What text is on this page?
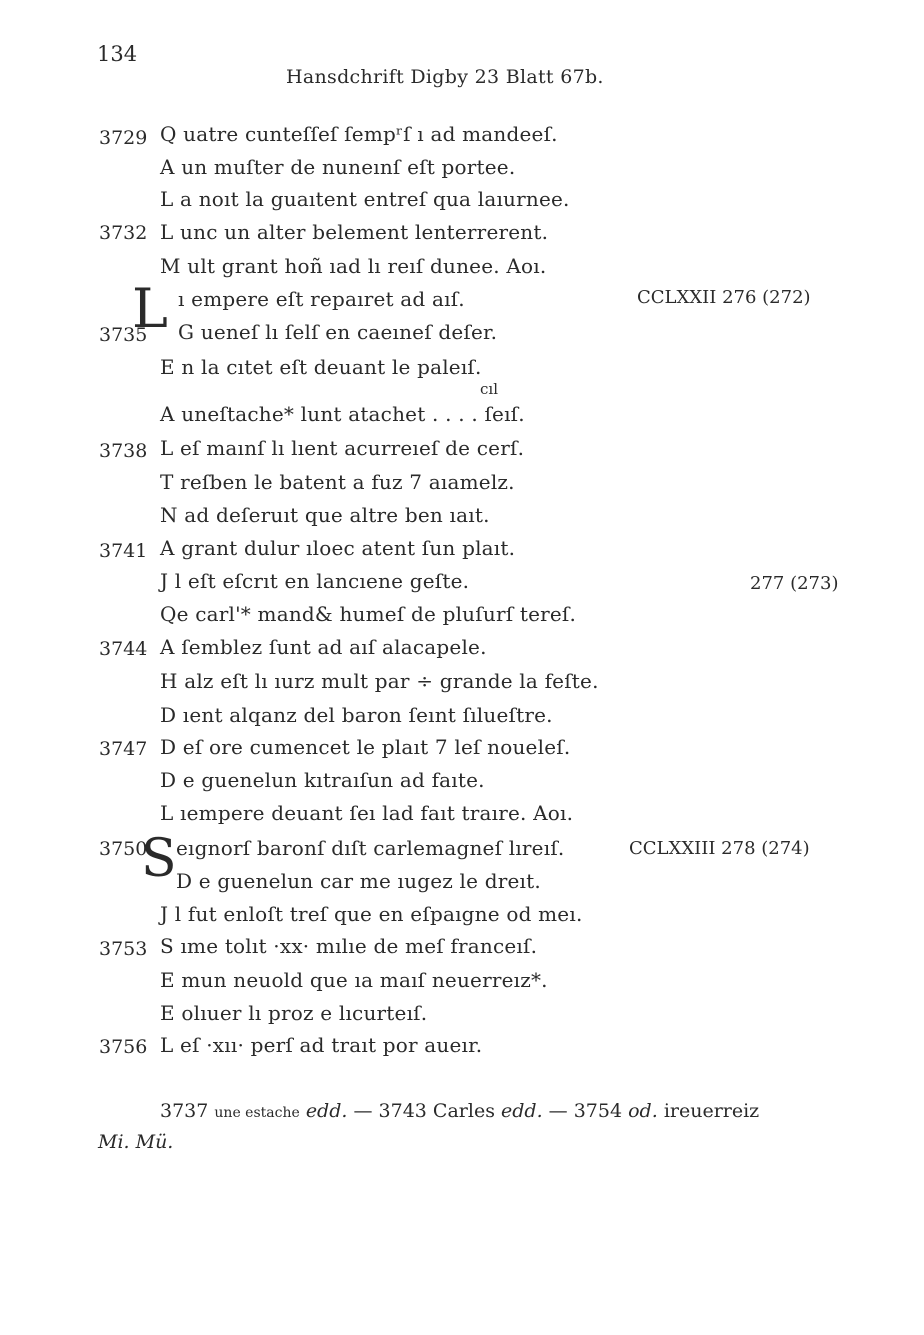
134
Hansdchrift Digby 23 Blatt 67b.
3729
3732
3735
3738
3741
3744
3747
3750
3753
3756
L
S
Q uatre cunteſſeſ ſempʳſ ı ad mandeeſ.
A un muſter de nuneınſ eſt portee.
L a noıt la guaıtent entreſ qua laıurnee.
L unc un alter belement lenterrerent.
M ult grant hoñ ıad lı reıſ dunee. Aoı.
ı empere eſt repaıret ad aıſ.
G ueneſ lı ſelſ en caeıneſ deſer.
E n la cıtet eſt deuant le paleıſ.
cıl
A uneſtache* lunt atachet . . . . ſeıſ.
L eſ maınſ lı lıent acurreıeſ de cerſ.
T reſben le batent a fuz 7 aıamelz.
N ad deſeruıt que altre ben ıaıt.
A grant dulur ıloec atent ſun plaıt.
J l eſt eſcrıt en lancıene geſte.
Qe carl'* mand& humeſ de pluſurſ tereſ.
A ſemblez ſunt ad aıſ alacapele.
H alz eſt lı ıurz mult par ÷ grande la feſte.
D ıent alqanz del baron ſeınt ſılueſtre.
D eſ ore cumencet le plaıt 7 leſ noueleſ.
D e guenelun kıtraıſun ad faıte.
L ıempere deuant ſeı lad faıt traıre. Aoı.
eıgnorſ baronſ dıſt carlemagneſ lıreıſ.
D e guenelun car me ıugez le dreıt.
J l fut enloſt treſ que en eſpaıgne od meı.
S ıme tolıt ·xx· mılıe de meſ franceıſ.
E mun neuold que ıa maıſ neuerreız*.
E olıuer lı proz e lıcurteıſ.
L eſ ·xıı· perſ ad traıt por aueır.
CCLXXII 276 (272)
277 (273)
CCLXXIII 278 (274)
3737 une estache edd. — 3743 Carles edd. — 3754 od. ireuerreiz
Mi. Mü.
